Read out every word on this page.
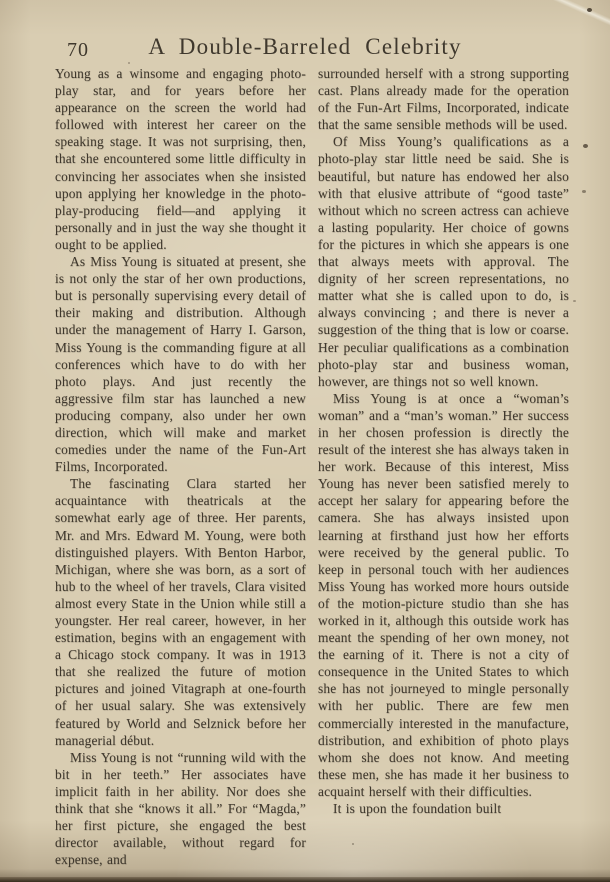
70	A Double-Barreled Celebrity

Young as a winsome and engaging photo-play star, and for years before her appearance on the screen the world had followed with interest her career on the speaking stage. It was not surprising, then, that she encountered some little difficulty in convincing her associates when she insisted upon applying her knowledge in the photo-play-producing field—and applying it personally and in just the way she thought it ought to be applied.

As Miss Young is situated at present, she is not only the star of her own productions, but is personally supervising every detail of their making and distribution. Although under the management of Harry I. Garson, Miss Young is the commanding figure at all conferences which have to do with her photo plays. And just recently the aggressive film star has launched a new producing company, also under her own direction, which will make and market comedies under the name of the Fun-Art Films, Incorporated.

The fascinating Clara started her acquaintance with theatricals at the somewhat early age of three. Her parents, Mr. and Mrs. Edward M. Young, were both distinguished players. With Benton Harbor, Michigan, where she was born, as a sort of hub to the wheel of her travels, Clara visited almost every State in the Union while still a youngster. Her real career, however, in her estimation, begins with an engagement with a Chicago stock company. It was in 1913 that she realized the future of motion pictures and joined Vitagraph at one-fourth of her usual salary. She was extensively featured by World and Selznick before her managerial début.

Miss Young is not “running wild with the bit in her teeth.” Her associates have implicit faith in her ability. Nor does she think that she “knows it all.” For “Magda,” her first picture, she engaged the best director available, without regard for expense, and

surrounded herself with a strong supporting cast. Plans already made for the operation of the Fun-Art Films, Incorporated, indicate that the same sensible methods will be used.

Of Miss Young’s qualifications as a photo-play star little need be said. She is beautiful, but nature has endowed her also with that elusive attribute of “good taste” without which no screen actress can achieve a lasting popularity. Her choice of gowns for the pictures in which she appears is one that always meets with approval. The dignity of her screen representations, no matter what she is called upon to do, is always convincing ; and there is never a suggestion of the thing that is low or coarse. Her peculiar qualifications as a combination photo-play star and business woman, however, are things not so well known.

Miss Young is at once a “woman’s woman” and a “man’s woman.” Her success in her chosen profession is directly the result of the interest she has always taken in her work. Because of this interest, Miss Young has never been satisfied merely to accept her salary for appearing before the camera. She has always insisted upon learning at firsthand just how her efforts were received by the general public. To keep in personal touch with her audiences Miss Young has worked more hours outside of the motion-picture studio than she has worked in it, although this outside work has meant the spending of her own money, not the earning of it. There is not a city of consequence in the United States to which she has not journeyed to mingle personally with her public. There are few men commercially interested in the manufacture, distribution, and exhibition of photo plays whom she does not know. And meeting these men, she has made it her business to acquaint herself with their difficulties.

It is upon the foundation built
